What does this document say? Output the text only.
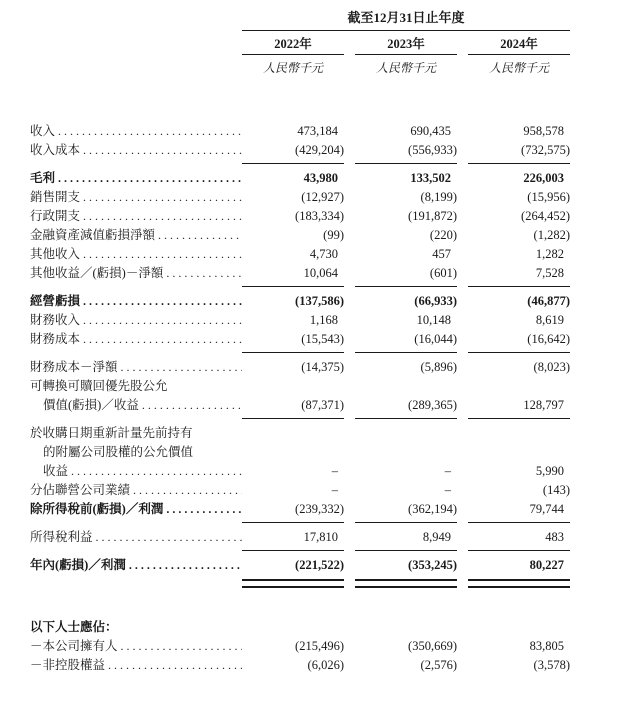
截至12月31日止年度
2022年	2023年	2024年
人民幣千元	人民幣千元	人民幣千元
收入 .....	473,184	690,435	958,578
收入成本 .....	(429,204)	(556,933)	(732,575)
毛利 .....	43,980	133,502	226,003
銷售開支 .....	(12,927)	(8,199)	(15,956)
行政開支 .....	(183,334)	(191,872)	(264,452)
金融資產減值虧損淨額 .....	(99)	(220)	(1,282)
其他收入 .....	4,730	457	1,282
其他收益／(虧損)－淨額 .....	10,064	(601)	7,528
經營虧損 .....	(137,586)	(66,933)	(46,877)
財務收入 .....	1,168	10,148	8,619
財務成本 .....	(15,543)	(16,044)	(16,642)
財務成本－淨額 .....	(14,375)	(5,896)	(8,023)
可轉換可贖回優先股公允
價值(虧損)／收益 .....	(87,371)	(289,365)	128,797
於收購日期重新計量先前持有
的附屬公司股權的公允價值
收益 .....	–	–	5,990
分佔聯營公司業績 .....	–	–	(143)
除所得稅前(虧損)／利潤 .....	(239,332)	(362,194)	79,744
所得稅利益 .....	17,810	8,949	483
年內(虧損)／利潤 .....	(221,522)	(353,245)	80,227
以下人士應佔：
－本公司擁有人 .....	(215,496)	(350,669)	83,805
－非控股權益 .....	(6,026)	(2,576)	(3,578)
